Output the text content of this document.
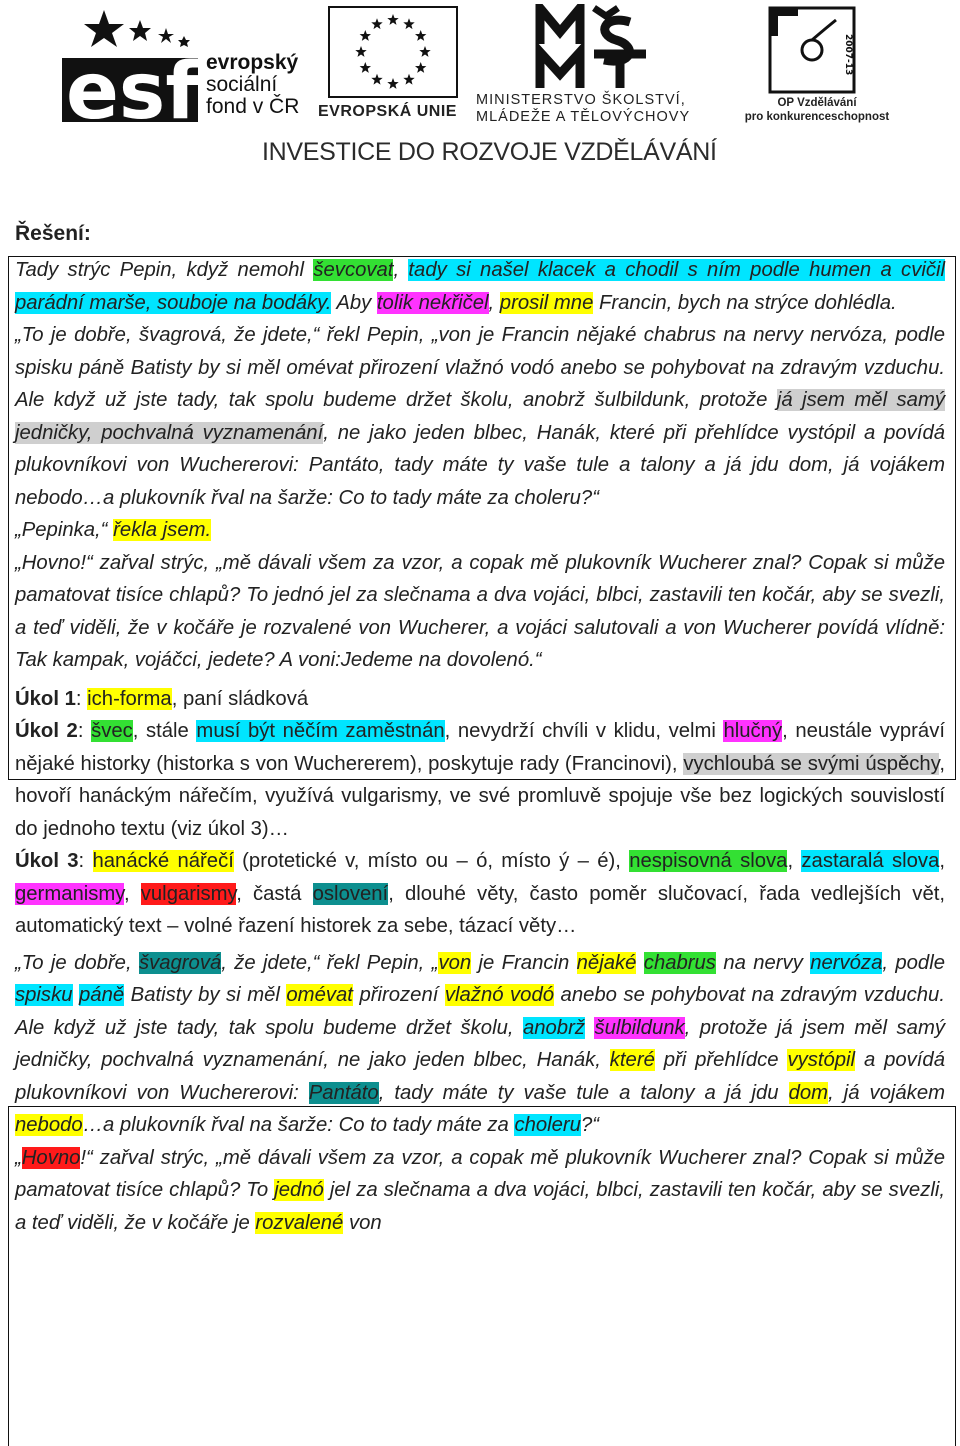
esf evropský
sociální
fond v ČR EVROPSKÁ UNIE
MINISTERSTVO ŠKOLSTVÍ,
MLÁDEŽE A TĚLOVÝCHOVY
2007-13
OP Vzdělávání
pro konkurenceschopnost
INVESTICE DO ROZVOJE VZDĚLÁVÁNÍ
Řešení:
Tady strýc Pepin, když nemohl ševcovat, tady si našel klacek a chodil s ním podle humen a cvičil parádní marše, souboje na bodáky. Aby tolik nekřičel, prosil mne Francin, bych na strýce dohlédla.
„To je dobře, švagrová, že jdete,“ řekl Pepin, „von je Francin nějaké chabrus na nervy nervóza, podle spisku páně Batisty by si měl omévat přirození vlažnó vodó anebo se pohybovat na zdravým vzduchu. Ale když už jste tady, tak spolu budeme držet školu, anobrž šulbildunk, protože já jsem měl samý jedničky, pochvalná vyznamenání, ne jako jeden blbec, Hanák, které při přehlídce vystópil a povídá plukovníkovi von Wuchererovi: Pantáto, tady máte ty vaše tule a talony a já jdu dom, já vojákem nebodo…a plukovník řval na šarže: Co to tady máte za choleru?“
„Pepinka,“ řekla jsem.
„Hovno!“ zařval strýc, „mě dávali všem za vzor, a copak mě plukovník Wucherer znal? Copak si může pamatovat tisíce chlapů? To jednó jel za slečnama a dva vojáci, blbci, zastavili ten kočár, aby se svezli, a teď viděli, že v kočáře je rozvalené von Wucherer, a vojáci salutovali a von Wucherer povídá vlídně: Tak kampak, vojáčci, jedete? A voni:Jedeme na dovolenó.“
Úkol 1: ich-forma, paní sládková
Úkol 2: švec, stále musí být něčím zaměstnán, nevydrží chvíli v klidu, velmi hlučný, neustále vypráví nějaké historky (historka s von Wuchererem), poskytuje rady (Francinovi), vychloubá se svými úspěchy, hovoří hanáckým nářečím, využívá vulgarismy, ve své promluvě spojuje vše bez logických souvislostí do jednoho textu (viz úkol 3)…
Úkol 3: hanácké nářečí (protetické v, místo ou – ó, místo ý – é), nespisovná slova, zastaralá slova, germanismy, vulgarismy, častá oslovení, dlouhé věty, často poměr slučovací, řada vedlejších vět, automatický text – volné řazení historek za sebe, tázací věty…
„To je dobře, švagrová, že jdete,“ řekl Pepin, „von je Francin nějaké chabrus na nervy nervóza, podle spisku páně Batisty by si měl omévat přirození vlažnó vodó anebo se pohybovat na zdravým vzduchu. Ale když už jste tady, tak spolu budeme držet školu, anobrž šulbildunk, protože já jsem měl samý jedničky, pochvalná vyznamenání, ne jako jeden blbec, Hanák, které při přehlídce vystópil a povídá plukovníkovi von Wuchererovi: Pantáto, tady máte ty vaše tule a talony a já jdu dom, já vojákem nebodo…a plukovník řval na šarže: Co to tady máte za choleru?“
„Hovno!“ zařval strýc, „mě dávali všem za vzor, a copak mě plukovník Wucherer znal? Copak si může pamatovat tisíce chlapů? To jednó jel za slečnama a dva vojáci, blbci, zastavili ten kočár, aby se svezli, a teď viděli, že v kočáře je rozvalené von
